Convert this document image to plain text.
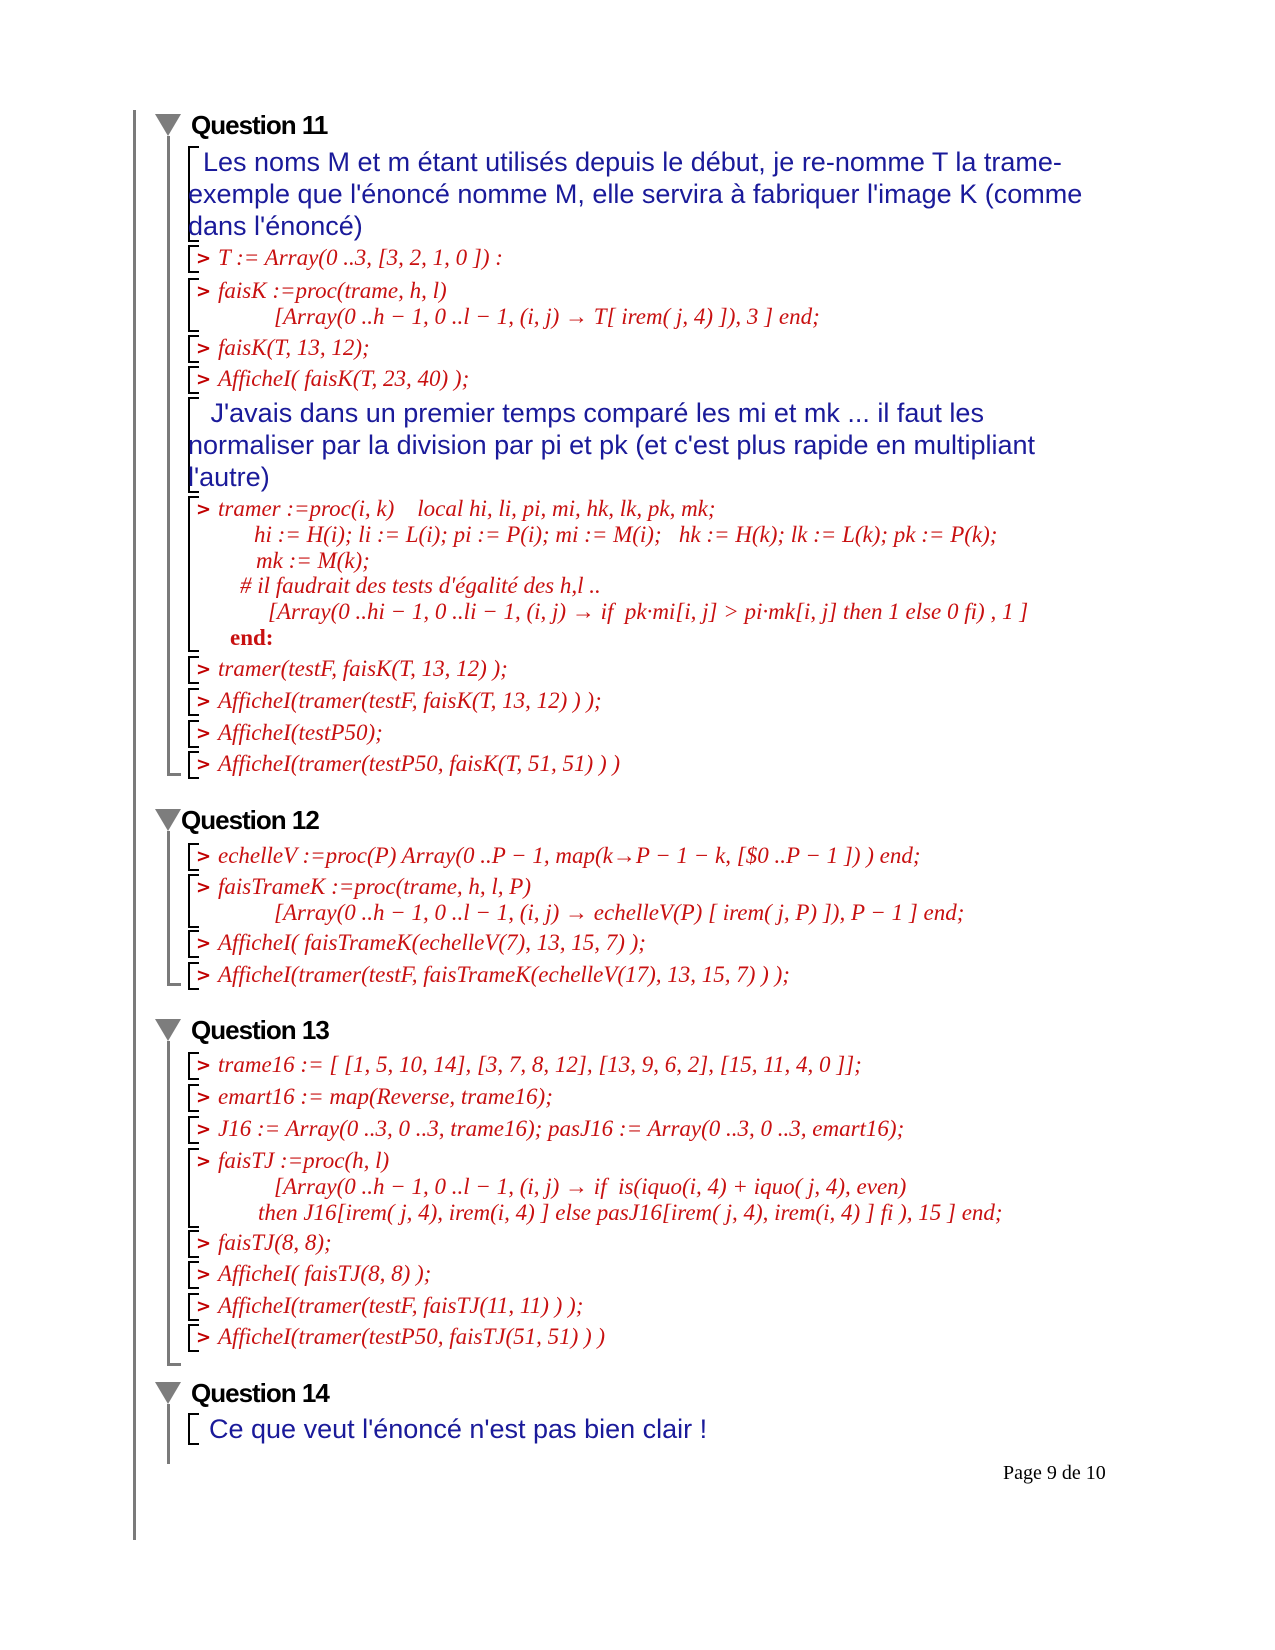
Question 11

Les noms M et m étant utilisés depuis le début, je re-nomme T la trame-

exemple que l'énoncé nomme M, elle servira à fabriquer l'image K (comme

dans l'énoncé)

> T := Array(0 ..3, [3, 2, 1, 0 ]) :
> faisK :=proc(trame, h, l)
[Array(0 ..h − 1, 0 ..l − 1, (i, j) → T[ irem( j, 4) ]), 3 ] end;
> faisK(T, 13, 12);
> AfficheI( faisK(T, 23, 40) );

J'avais dans un premier temps comparé les mi et mk ... il faut les

normaliser par la division par pi et pk (et c'est plus rapide en multipliant

l'autre)

> tramer :=proc(i, k)    local hi, li, pi, mi, hk, lk, pk, mk;
hi := H(i); li := L(i); pi := P(i); mi := M(i);   hk := H(k); lk := L(k); pk := P(k);
mk := M(k);
# il faudrait des tests d'égalité des h,l ..
[Array(0 ..hi − 1, 0 ..li − 1, (i, j) → if  pk·mi[i, j] > pi·mk[i, j] then 1 else 0 fi) , 1 ]
end:
> tramer(testF, faisK(T, 13, 12) );
> AfficheI(tramer(testF, faisK(T, 13, 12) ) );
> AfficheI(testP50);
> AfficheI(tramer(testP50, faisK(T, 51, 51) ) )
Question 12
> echelleV :=proc(P) Array(0 ..P − 1, map(k→P − 1 − k, [$0 ..P − 1 ]) ) end;
> faisTrameK :=proc(trame, h, l, P)
[Array(0 ..h − 1, 0 ..l − 1, (i, j) → echelleV(P) [ irem( j, P) ]), P − 1 ] end;
> AfficheI( faisTrameK(echelleV(7), 13, 15, 7) );
> AfficheI(tramer(testF, faisTrameK(echelleV(17), 13, 15, 7) ) );
Question 13
> trame16 := [ [1, 5, 10, 14], [3, 7, 8, 12], [13, 9, 6, 2], [15, 11, 4, 0 ]];
> emart16 := map(Reverse, trame16);
> J16 := Array(0 ..3, 0 ..3, trame16); pasJ16 := Array(0 ..3, 0 ..3, emart16);
> faisTJ :=proc(h, l)
[Array(0 ..h − 1, 0 ..l − 1, (i, j) → if  is(iquo(i, 4) + iquo( j, 4), even)
then J16[irem( j, 4), irem(i, 4) ] else pasJ16[irem( j, 4), irem(i, 4) ] fi ), 15 ] end;
> faisTJ(8, 8);
> AfficheI( faisTJ(8, 8) );
> AfficheI(tramer(testF, faisTJ(11, 11) ) );
> AfficheI(tramer(testP50, faisTJ(51, 51) ) )
Question 14

Ce que veut l'énoncé n'est pas bien clair !

Page 9 de 10
